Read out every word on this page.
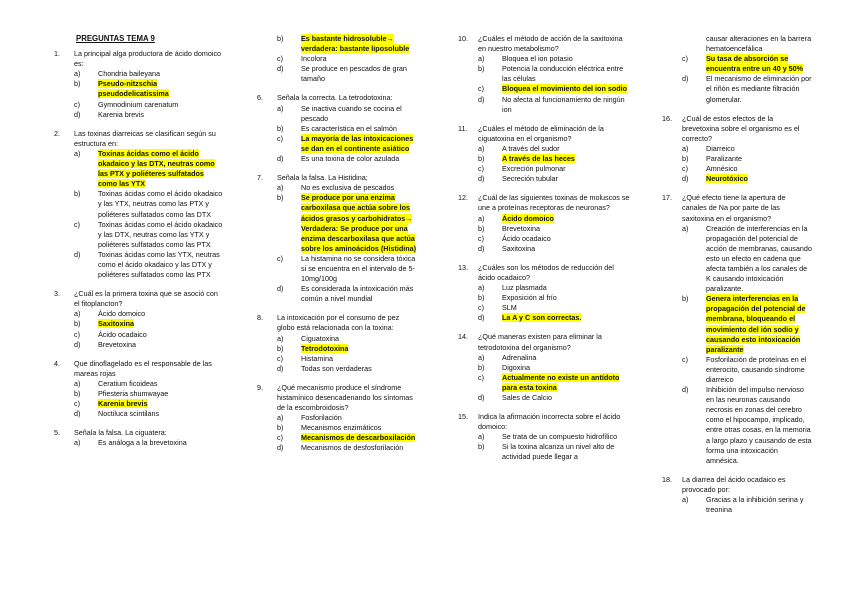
PREGUNTAS TEMA 9
1.	La principal alga productora de ácido domoico es:
a)	Chondria baileyana
b)	Pseudo-nitzschia pseudodelicatissima
c)	Gymnodinium carenatum
d)	Karenia brevis
2.	Las toxinas diarreicas se clasifican según su estructura en:
a)	Toxinas ácidas como el ácido okadaico y las DTX, neutras como las PTX y poliéteres sulfatados como las YTX
b)	Toxinas ácidas como el ácido okadaico y las YTX, neutras como las PTX y poliéteres sulfatados como las DTX
c)	Toxinas ácidas como el ácido okadaico y las DTX, neutras como las YTX y poliéteres sulfatados como las PTX
d)	Toxinas ácidas como las YTX, neutras como el ácido okadaico y las DTX y poliéteres sulfatados como las PTX
3.	¿Cuál es la primera toxina que se asoció con el fitoplancton?
a)	Ácido domoico
b)	Saxitoxina
c)	Ácido ocadaico
d)	Brevetoxina
4.	Que dinoflagelado es el responsable de las mareas rojas
a)	Ceratium ficoideas
b)	Pfiesteria shumwayae
c)	Karenia brevis
d)	Noctiluca scintilans
5.	Señala la falsa. La ciguatera:
a)	Es análoga a la brevetoxina
b)	Es bastante hidrosoluble→ verdadera: bastante liposoluble
c)	Incolora
d)	Se produce en pescados de gran tamaño
6.	Señala la correcta. La tetrodotoxina:
a)	Se inactiva cuando se cocina el pescado
b)	Es característica en el salmón
c)	La mayoría de las intoxicaciones se dan en el continente asiático
d)	Es una toxina de color azulada
7.	Señala la falsa. La Histidina;
a)	No es exclusiva de pescados
b)	Se produce por una enzima carboxilasa que actúa sobre los ácidos grasos y carbohidratos→ Verdadera: Se produce por una enzima descarboxilasa que actúa sobre los aminoácidos (Histidina)
c)	La histamina no se considera tóxica si se encuentra en el intervalo de 5-10mg/100g
d)	Es considerada la intoxicación más común a nivel mundial
8.	La intoxicación por el consumo de pez globo está relacionada con la toxina:
a)	Ciguatoxina
b)	Tetrodotoxina
c)	Histamina
d)	Todas son verdaderas
9.	¿Qué mecanismo produce el síndrome histamínico desencadenando los síntomas de la escombroidosis?
a)	Fosforilación
b)	Mecanismos enzimáticos
c)	Mecanismos de descarboxilación
d)	Mecanismos de desfosforilación
10.	¿Cuáles el método de acción de la saxitoxina en nuestro metabolismo?
a)	Bloquea el ion potasio
b)	Potencia la conducción eléctrica entre las células
c)	Bloquea el movimiento del ion sodio
d)	No afecta al funcionamiento de ningún ion
11.	¿Cuáles el método de eliminación de la ciguatoxina en el organismo?
a)	A través del sudor
b)	A través de las heces
c)	Excreción pulmonar
d)	Secreción tubular
12.	¿Cuál de las siguientes toxinas de moluscos se une a proteínas receptoras de neuronas?
a)	Ácido domoico
b)	Brevetoxina
c)	Ácido ocadaico
d)	Saxitoxina
13.	¿Cuáles son los métodos de reducción del ácido ocadaico?
a)	Luz plasmada
b)	Exposición al frío
c)	SLM
d)	La A y C son correctas.
14.	¿Qué maneras existen para eliminar la tetrodotoxina del organismo?
a)	Adrenalina
b)	Digoxina
c)	Actualmente no existe un antídoto para esta toxina
d)	Sales de Calcio
15.	Indica la afirmación incorrecta sobre el ácido domoico:
a)	Se trata de un compuesto hidrofílico
b)	Si la toxina alcanza un nivel alto de actividad puede llegar a
causar alteraciones en la barrera hematoencefálica
c)	Su tasa de absorción se encuentra entre un 40 y 50%
d)	El mecanismo de eliminación por el riñón es mediante filtración glomerular.
16.	¿Cuál de estos efectos de la brevetoxina sobre el organismo es el correcto?
a)	Diarreico
b)	Paralizante
c)	Amnésico
d)	Neurotóxico
17.	¿Qué efecto tiene la apertura de canales de Na por parte de las saxitoxina en el organismo?
a)	Creación de interferencias en la propagación del potencial de acción de membranas, causando esto un efecto en cadena que afecta también a los canales de K causando intoxicación paralizante.
b)	Genera interferencias en la propagación del potencial de membrana, bloqueando el movimiento del ión sodio y causando esto intoxicación paralizante
c)	Fosforilación de proteínas en el enterocito, causando síndrome diarreico
d)	Inhibición del impulso nervioso en las neuronas causando necrosis en zonas del cerebro como el hipocampo, implicado, entre otras cosas, en la memoria a largo plazo y causando de esta forma una intoxicación amnésica.
18.	La diarrea del ácido ocadaico es provocado por:
a)	Gracias a la inhibición serina y treonina
